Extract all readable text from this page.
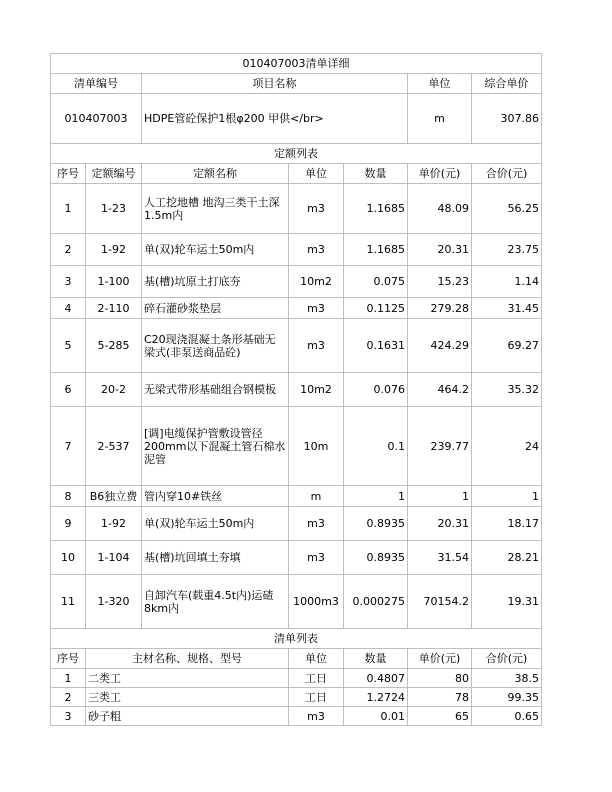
010407003清单详细						
清单编号		项目名称			单位	综合单价
010407003		HDPE管砼保护1根φ200 甲供</br>			m	307.86
定额列表						
序号	定额编号	定额名称	单位	数量	单价(元)	合价(元)
1	1-23	人工挖地槽 地沟三类干土深1.5m内	m3	1.1685	48.09	56.25
2	1-92	单(双)轮车运土50m内	m3	1.1685	20.31	23.75
3	1-100	基(槽)坑原土打底夯	10m2	0.075	15.23	1.14
4	2-110	碎石灌砂浆垫层	m3	0.1125	279.28	31.45
5	5-285	C20现浇混凝土条形基础无梁式(非泵送商品砼)	m3	0.1631	424.29	69.27
6	20-2	无梁式带形基础组合钢模板	10m2	0.076	464.2	35.32
7	2-537	[调]电缆保护管敷设管径200mm以下混凝土管石棉水泥管	10m	0.1	239.77	24
8	B6独立费	管内穿10#铁丝	m	1	1	1
9	1-92	单(双)轮车运土50m内	m3	0.8935	20.31	18.17
10	1-104	基(槽)坑回填土夯填	m3	0.8935	31.54	28.21
11	1-320	自卸汽车(载重4.5t内)运碴8km内	1000m3	0.000275	70154.2	19.31
清单列表						
序号	主材名称、规格、型号		单位	数量	单价(元)	合价(元)
1	二类工		工日	0.4807	80	38.5
2	三类工		工日	1.2724	78	99.35
3	砂子粗		m3	0.01	65	0.65
